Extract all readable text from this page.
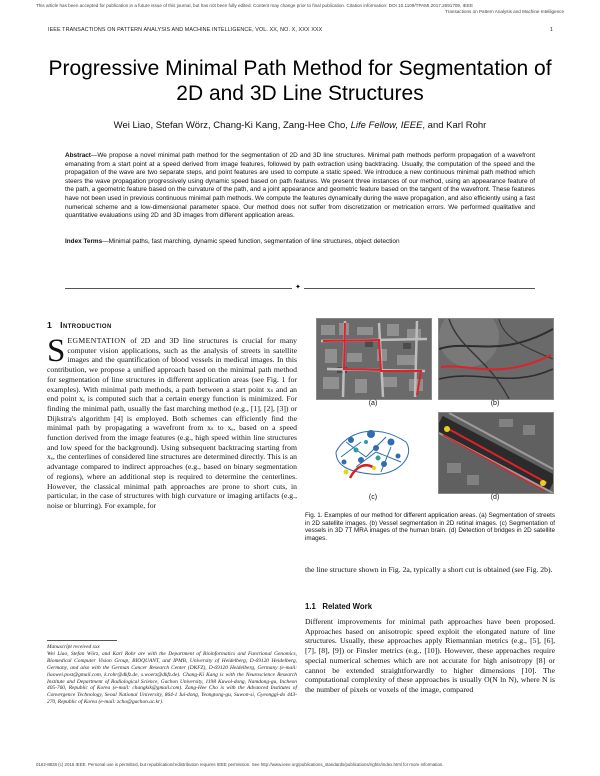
This article has been accepted for publication in a future issue of this journal, but has not been fully edited. Content may change prior to final publication. Citation information: DOI 10.1109/TPAMI.2017.2691709, IEEE
Transactions on Pattern Analysis and Machine Intelligence
IEEE TRANSACTIONS ON PATTERN ANALYSIS AND MACHINE INTELLIGENCE, VOL. XX, NO. X, XXX XXX	1
Progressive Minimal Path Method for Segmentation of 2D and 3D Line Structures
Wei Liao, Stefan Wörz, Chang-Ki Kang, Zang-Hee Cho, Life Fellow, IEEE, and Karl Rohr
Abstract—We propose a novel minimal path method for the segmentation of 2D and 3D line structures. Minimal path methods perform propagation of a wavefront emanating from a start point at a speed derived from image features, followed by path extraction using backtracing. Usually, the computation of the speed and the propagation of the wave are two separate steps, and point features are used to compute a static speed. We introduce a new continuous minimal path method which steers the wave propagation progressively using dynamic speed based on path features. We present three instances of our method, using an appearance feature of the path, a geometric feature based on the curvature of the path, and a joint appearance and geometric feature based on the tangent of the wavefront. These features have not been used in previous continuous minimal path methods. We compute the features dynamically during the wave propagation, and also efficiently using a fast numerical scheme and a low-dimensional parameter space. Our method does not suffer from discretization or metrication errors. We performed qualitative and quantitative evaluations using 2D and 3D images from different application areas.
Index Terms—Minimal paths, fast marching, dynamic speed function, segmentation of line structures, object detection
✦
1 Introduction
SEGMENTATION of 2D and 3D line structures is crucial for many computer vision applications, such as the analysis of streets in satellite images and the quantification of blood vessels in medical images. In this contribution, we propose a unified approach based on the minimal path method for segmentation of line structures in different application areas (see Fig. 1 for examples). With minimal path methods, a path between a start point xₛ and an end point xₑ is computed such that a certain energy function is minimized. For finding the minimal path, usually the fast marching method (e.g., [1], [2], [3]) or Dijkstra's algorithm [4] is employed. Both schemes can efficiently find the minimal path by propagating a wavefront from xₛ to xₑ, based on a speed function derived from the image features (e.g., high speed within line structures and low speed for the background). Using subsequent backtracing starting from xₑ, the centerlines of considered line structures are determined directly. This is an advantage compared to indirect approaches (e.g., based on binary segmentation of regions), where an additional step is required to determine the centerlines. However, the classical minimal path approaches are prone to short cuts, in particular, in the case of structures with high curvature or imaging artifacts (e.g., noise or blurring). For example, for
Manuscript received xxx
Wei Liao, Stefan Wörz, and Karl Rohr are with the Department of Bioinformatics and Functional Genomics, Biomedical Computer Vision Group, BIOQUANT, and IPMB, University of Heidelberg, D-69120 Heidelberg, Germany, and also with the German Cancer Research Center (DKFZ), D-69120 Heidelberg, Germany (e-mail: liaowei.post@gmail.com, k.rohr@dkfz.de, s.woerz@dkfz.de). Chang-Ki Kang is with the Neuroscience Research Institute and Department of Radiological Science, Gachon University, 1198 Kuwol-dong, Namdong-gu, Incheon 405-760, Republic of Korea (e-mail: changkik@gmail.com). Zang-Hee Cho is with the Advanced Institutes of Convergence Technology, Seoul National University, 864-1 Iui-dong, Yeongtong-gu, Suwon-si, Gyeonggi-do 443-270, Republic of Korea (e-mail: zcho@gachon.ac.kr).
(a)	(b)
(c)	(d)
Fig. 1. Examples of our method for different application areas. (a) Segmentation of streets in 2D satellite images. (b) Vessel segmentation in 2D retinal images. (c) Segmentation of vessels in 3D 7T MRA images of the human brain. (d) Detection of bridges in 2D satellite images.
the line structure shown in Fig. 2a, typically a short cut is obtained (see Fig. 2b).
1.1 Related Work
Different improvements for minimal path approaches have been proposed. Approaches based on anisotropic speed exploit the elongated nature of line structures. Usually, these approaches apply Riemannian metrics (e.g., [5], [6], [7], [8], [9]) or Finsler metrics (e.g., [10]). However, these approaches require special numerical schemes which are not accurate for high anisotropy [8] or cannot be extended straightforwardly to higher dimensions [10]. The computational complexity of these approaches is usually O(N ln N), where N is the number of pixels or voxels of the image, compared
0162-8828 (c) 2016 IEEE. Personal use is permitted, but republication/redistribution requires IEEE permission. See http://www.ieee.org/publications_standards/publications/rights/index.html for more information.
